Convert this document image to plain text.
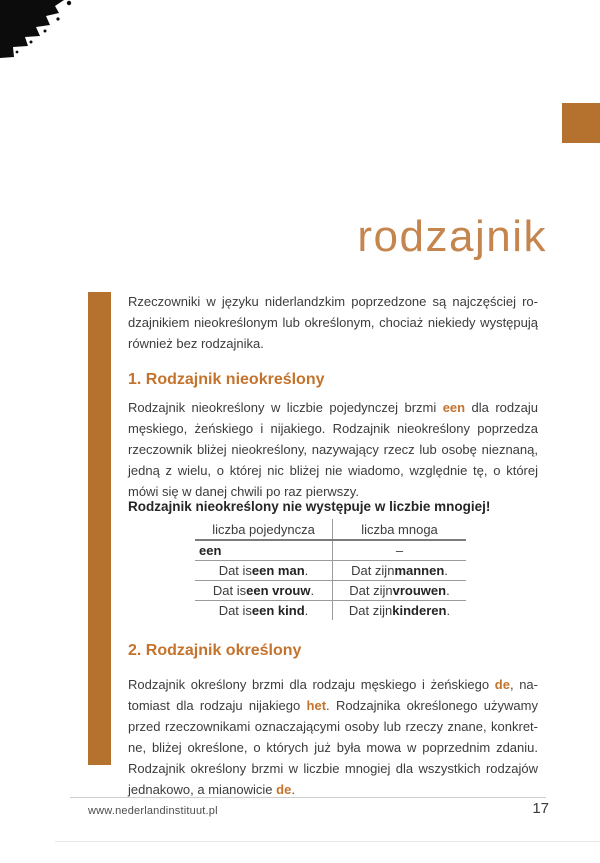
rodzajnik
Rzeczowniki w języku niderlandzkim poprzedzone są najczęściej ro-
dzajnikiem nieokreślonym lub określonym, chociaż niekiedy występują
również bez rodzajnika.
1. Rodzajnik nieokreślony
Rodzajnik nieokreślony w liczbie pojedynczej brzmi een dla rodzaju
męskiego, żeńskiego i nijakiego. Rodzajnik nieokreślony poprzedza
rzeczownik bliżej nieokreślony, nazywający rzecz lub osobę nieznaną,
jedną z wielu, o której nic bliżej nie wiadomo, względnie tę, o której
mówi się w danej chwili po raz pierwszy.
Rodzajnik nieokreślony nie występuje w liczbie mnogiej!
liczba pojedyncza	liczba mnoga
een	–
Dat is een man .	Dat zijn mannen .
Dat is een vrouw .	Dat zijn vrouwen .
Dat is een kind .	Dat zijn kinderen .
2. Rodzajnik określony
Rodzajnik określony brzmi dla rodzaju męskiego i żeńskiego de, na-
tomiast dla rodzaju nijakiego het. Rodzajnika określonego używamy
przed rzeczownikami oznaczającymi osoby lub rzeczy znane, konkret-
ne, bliżej określone, o których już była mowa w poprzednim zdaniu.
Rodzajnik określony brzmi w liczbie mnogiej dla wszystkich rodzajów
jednakowo, a mianowicie de.
www.nederlandinstituut.pl	17
